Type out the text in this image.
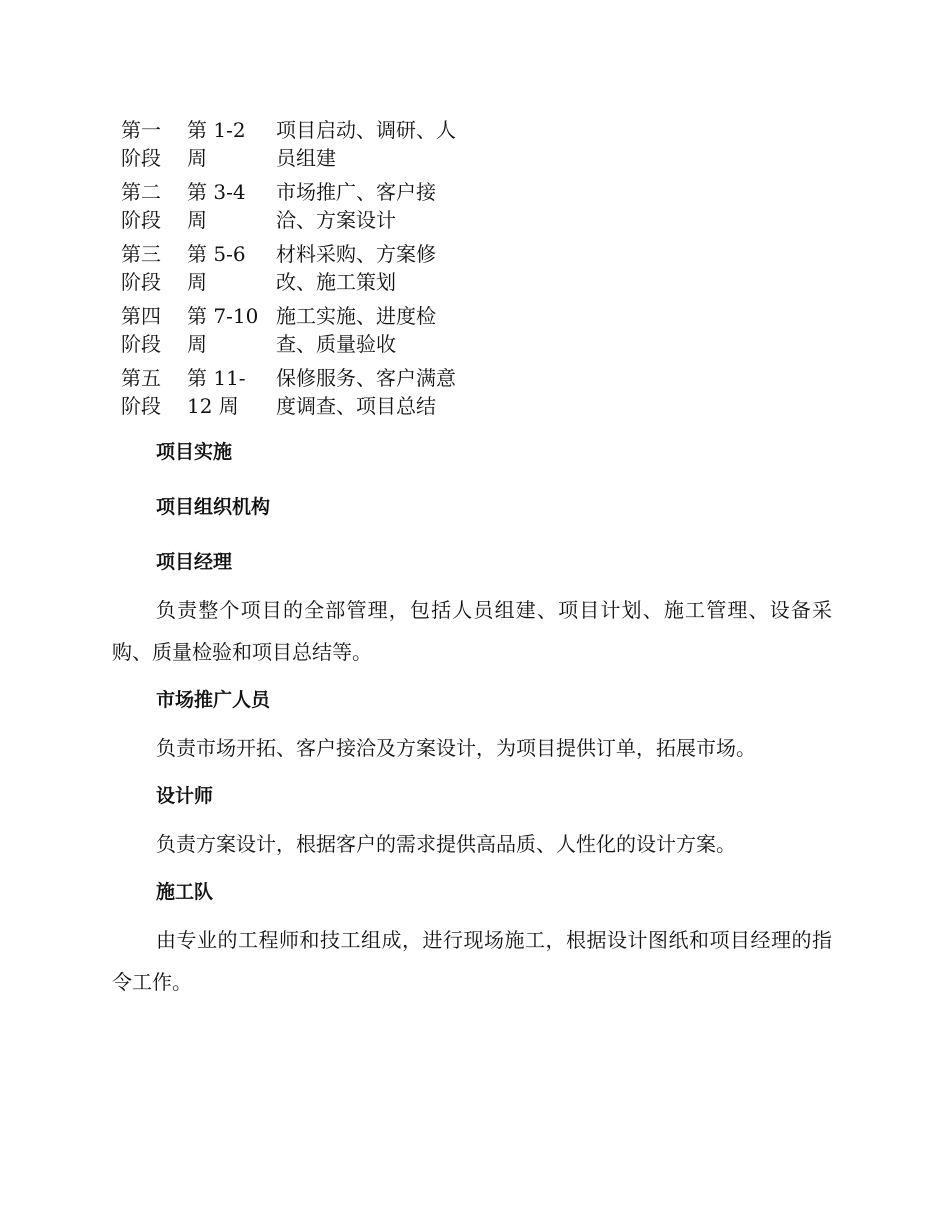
第一
阶段
第 1-2
周
项目启动、调研、人
员组建
第二
阶段
第 3-4
周
市场推广、客户接
洽、方案设计
第三
阶段
第 5-6
周
材料采购、方案修
改、施工策划
第四
阶段
第 7-10
周
施工实施、进度检
查、质量验收
第五
阶段
第 11-
12 周
保修服务、客户满意
度调查、项目总结
项目实施
项目组织机构
项目经理

负责整个项目的全部管理，包括人员组建、项目计划、施工管理、设备采购、质量检验和项目总结等。

市场推广人员

负责市场开拓、客户接洽及方案设计，为项目提供订单，拓展市场。

设计师

负责方案设计，根据客户的需求提供高品质、人性化的设计方案。

施工队

由专业的工程师和技工组成，进行现场施工，根据设计图纸和项目经理的指令工作。
